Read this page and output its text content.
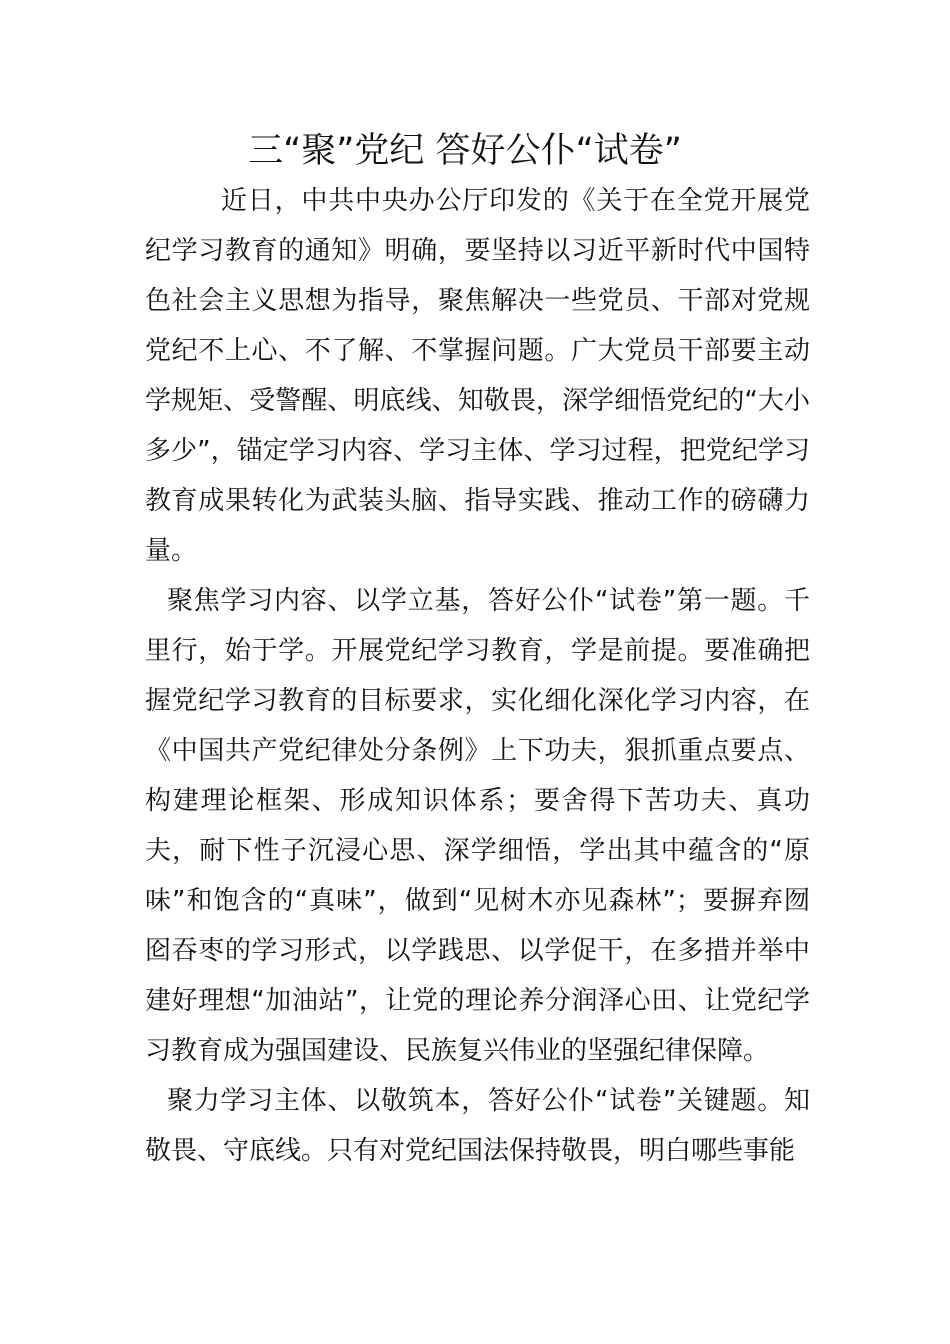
三“聚”党纪 答好公仆“试卷”

近日，中共中央办公厅印发的《关于在全党开展党纪学习教育的通知》明确，要坚持以习近平新时代中国特色社会主义思想为指导，聚焦解决一些党员、干部对党规党纪不上心、不了解、不掌握问题。广大党员干部要主动学规矩、受警醒、明底线、知敬畏，深学细悟党纪的“大小多少”，锚定学习内容、学习主体、学习过程，把党纪学习教育成果转化为武装头脑、指导实践、推动工作的磅礴力量。

聚焦学习内容、以学立基，答好公仆“试卷”第一题。千里行，始于学。开展党纪学习教育，学是前提。要准确把握党纪学习教育的目标要求，实化细化深化学习内容，在《中国共产党纪律处分条例》上下功夫，狠抓重点要点、构建理论框架、形成知识体系；要舍得下苦功夫、真功夫，耐下性子沉浸心思、深学细悟，学出其中蕴含的“原味”和饱含的“真味”，做到“见树木亦见森林”；要摒弃囫囵吞枣的学习形式，以学践思、以学促干，在多措并举中建好理想“加油站”，让党的理论养分润泽心田、让党纪学习教育成为强国建设、民族复兴伟业的坚强纪律保障。

聚力学习主体、以敬筑本，答好公仆“试卷”关键题。知敬畏、守底线。只有对党纪国法保持敬畏，明白哪些事能
